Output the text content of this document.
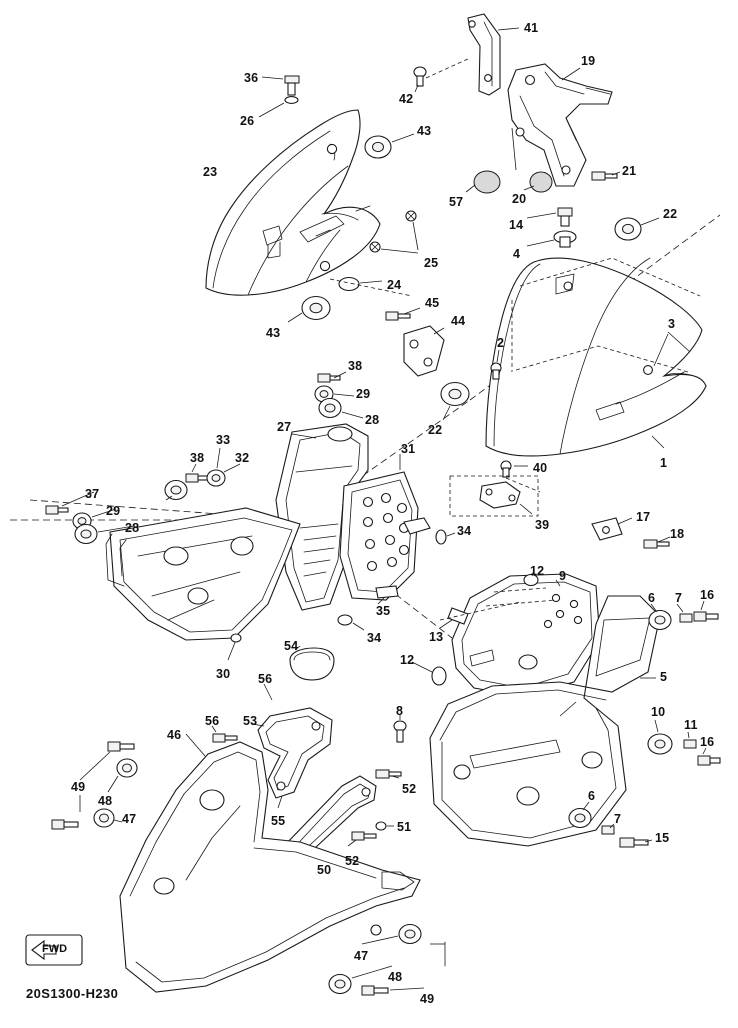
20S1300-H230
FWD
41
36
42
19
26
43
21
23
57	20
22
14
25
4
24
43
45
44
2
3
38
29
28
22
1
27
38
33
32
31
40
37
29
28	34	39
17
18
35
34
12 9
6 7 16
13
12
5
30
54
56
8	10
11
16
46
56 53
49
48
47
52
55	51
50
52
6
7
15
47
48
49
